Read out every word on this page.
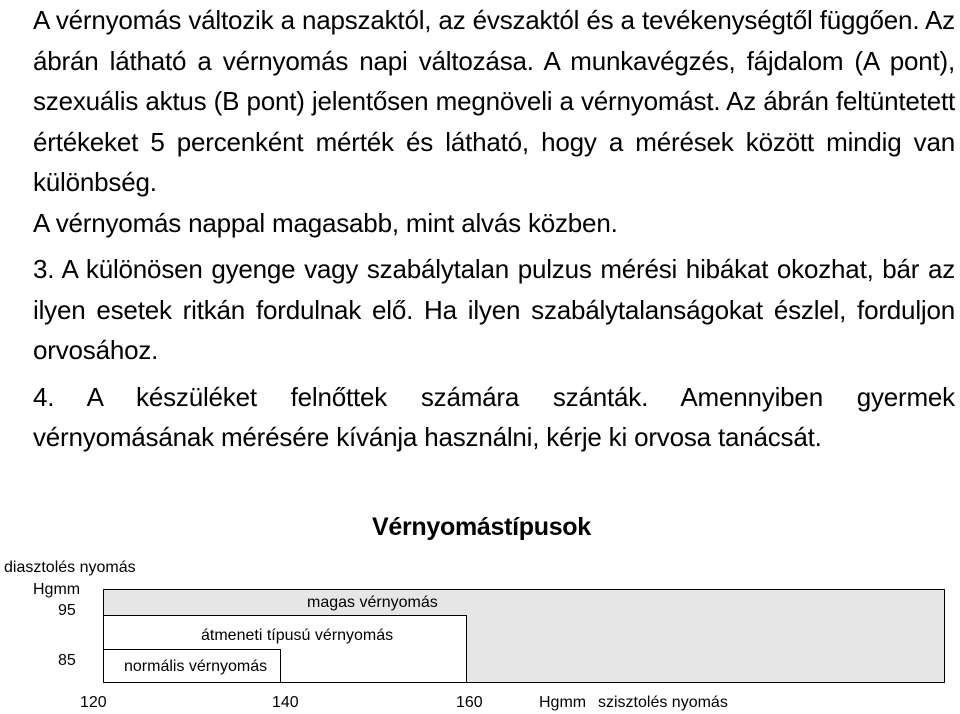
A vérnyomás változik a napszaktól, az évszaktól és a tevékenységtől függően. Az ábrán látható a vérnyomás napi változása. A munkavégzés, fájdalom (A pont), szexuális aktus (B pont) jelentősen megnöveli a vérnyomást. Az ábrán feltüntetett értékeket 5 percenként mérték és látható, hogy a mérések között mindig van különbség.

A vérnyomás nappal magasabb, mint alvás közben.

3. A különösen gyenge vagy szabálytalan pulzus mérési hibákat okozhat, bár az ilyen esetek ritkán fordulnak elő. Ha ilyen szabálytalanságokat észlel, forduljon orvosához.

4. A készüléket felnőttek számára szánták. Amennyiben gyermek vérnyomásának mérésére kívánja használni, kérje ki orvosa tanácsát.

Vérnyomástípusok
diasztolés nyomás
Hgmm
95
85
magas vérnyomás
átmeneti típusú vérnyomás
normális vérnyomás
120	140	160	Hgmm szisztolés nyomás
